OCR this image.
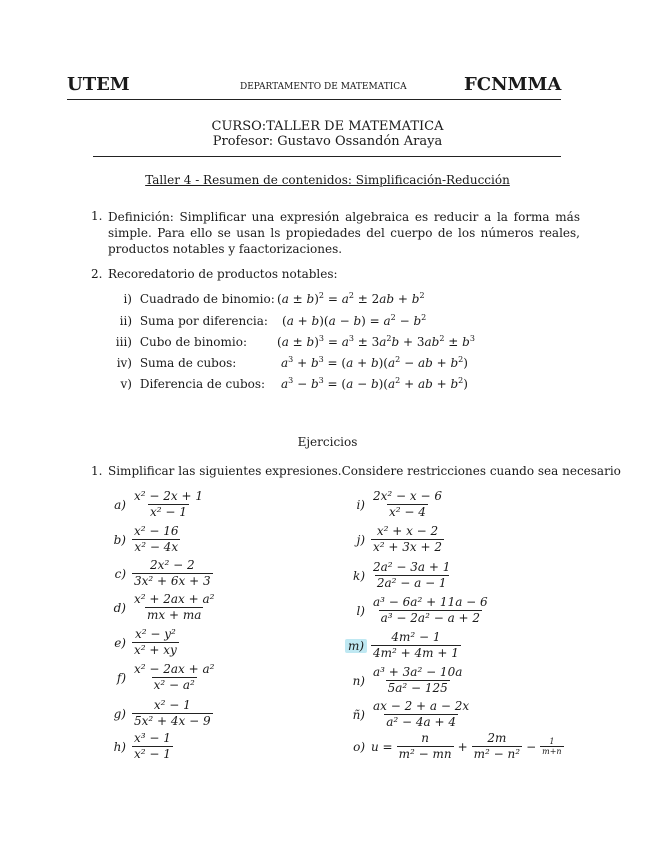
UTEM	DEPARTAMENTO DE MATEMATICA	FCNMMA
CURSO:TALLER DE MATEMATICA
Profesor: Gustavo Ossandón Araya
Taller 4 - Resumen de contenidos: Simplificación-Reducción
1. Definición: Simplificar una expresión algebraica es reducir a la forma más simple. Para ello se usan ls propiedades del cuerpo de los números reales, productos notables y faactorizaciones.
2. Recoredatorio de productos notables:
i) Cuadrado de binomio: $(a \pm b)^2 = a^2 \pm 2ab + b^2$
ii) Suma por diferencia: $(a + b)(a - b) = a^2 - b^2$
iii) Cubo de binomio: $(a \pm b)^3 = a^3 \pm 3a^2b + 3ab^2 \pm b^3$
iv) Suma de cubos:	$a^3 + b^3 = (a + b)(a^2$ − ab + $b^2$)
v) Diferencia de cubos: $a^3 - b^3 = (a - b)(a^2$ + ab + $b^2$)
Ejercicios
1. Simplificar las siguientes expresiones.Considere restricciones cuando sea necesario
$a) \frac{\text{x² − 2x + 1}}{\text{x² − 1}}$
$b) \frac{\text{x² − 16}}{\text{x² − 4x}}$
$c) \frac{\text{2x² − 2}}{\text{3x² + 6x + 3}}$
$d) \frac{\text{x² + 2ax + a²}}{mx + ma}$
$e) \frac{\text{x² − y²}}{\text{x² + xy}}$
$f) \frac{\text{x² − 2ax + a²}}{\text{x² − a²}}$
$g) \frac{\text{x² − 1}}{\text{5x² + 4x − 9}}$
$h) \frac{\text{x³ − 1}}{\text{x² − 1}}$
$i) \frac{\text{2x² − x − 6}}{\text{x² − 4}}$
$j) \frac{\text{x² + x − 2}}{\text{x² + 3x + 2}}$
$k) \frac{\text{2a² − 3a + 1}}{\text{2a² − a − 1}}$
$l) \frac{\text{a³ − 6a² + 11a − 6}}{\text{a³ − 2a² − a + 2}}$
$m) \frac{\text{4m² − 1}}{\text{4m² + 4m + 1}}$
$n) \frac{\text{a³ + 3a² − 10a}}{\text{5a² − 125}}$
ñ) $\frac{ax - 2 + a - 2x}{\text{a² − 4a + 4}}$
o) $u = \frac{n}{\text{m² − mn}} + \frac{2m}{\text{m² − n²}} - \frac{1}{m+n}$
